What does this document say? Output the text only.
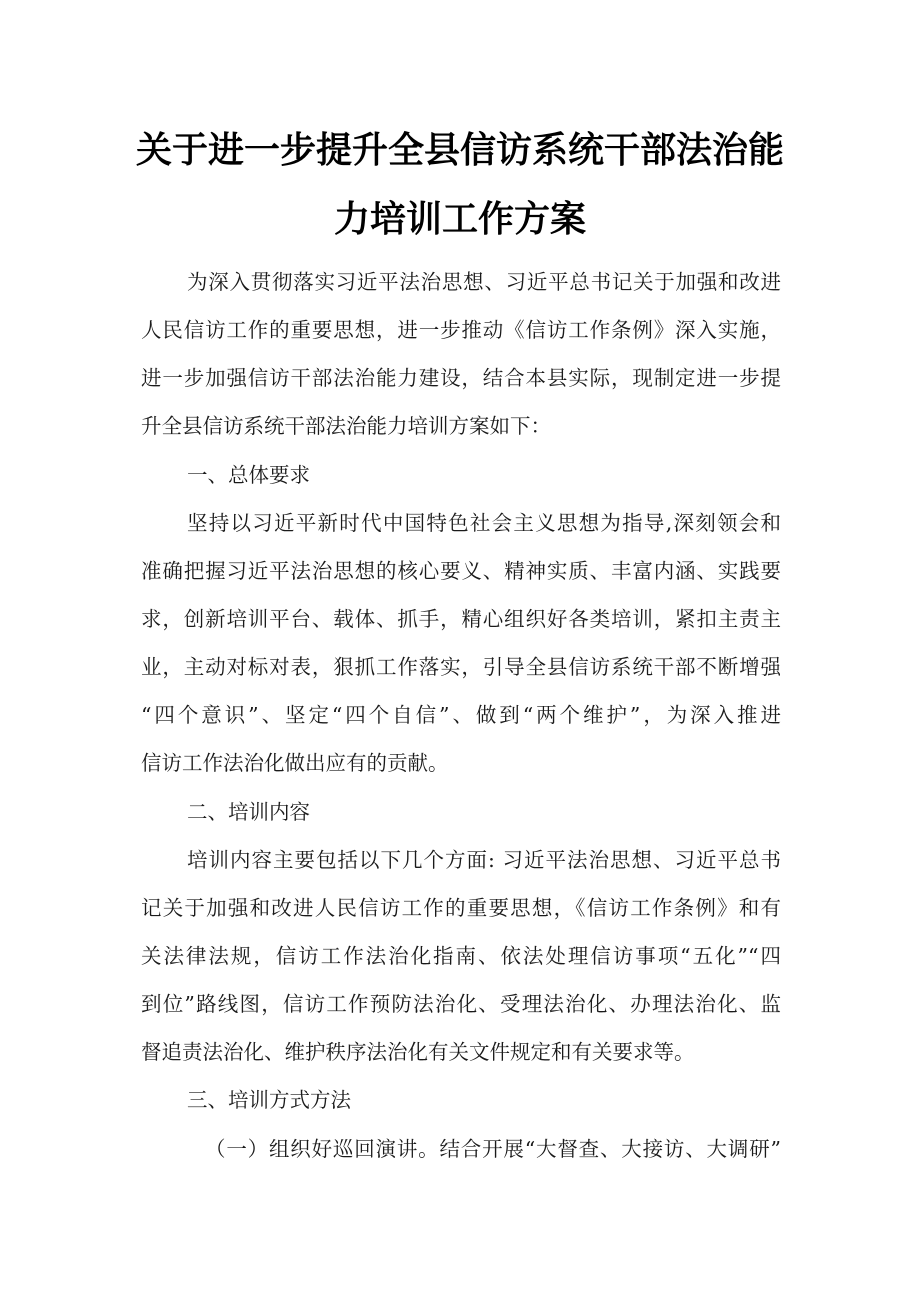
关于进一步提升全县信访系统干部法治能
力培训工作方案
为深入贯彻落实习近平法治思想、习近平总书记关于加强和改进
人民信访工作的重要思想，进一步推动《信访工作条例》深入实施，
进一步加强信访干部法治能力建设，结合本县实际，现制定进一步提
升全县信访系统干部法治能力培训方案如下：
一、总体要求
坚持以习近平新时代中国特色社会主义思想为指导,深刻领会和
准确把握习近平法治思想的核心要义、精神实质、丰富内涵、实践要
求，创新培训平台、载体、抓手，精心组织好各类培训，紧扣主责主
业，主动对标对表，狠抓工作落实，引导全县信访系统干部不断增强
“四个意识”、坚定“四个自信”、做到“两个维护”，为深入推进
信访工作法治化做出应有的贡献。
二、培训内容
培训内容主要包括以下几个方面: 习近平法治思想、习近平总书
记关于加强和改进人民信访工作的重要思想，《信访工作条例》和有
关法律法规，信访工作法治化指南、依法处理信访事项“五化”“四
到位”路线图，信访工作预防法治化、受理法治化、办理法治化、监
督追责法治化、维护秩序法治化有关文件规定和有关要求等。
三、培训方式方法
（一）组织好巡回演讲。结合开展“大督查、大接访、大调研”
